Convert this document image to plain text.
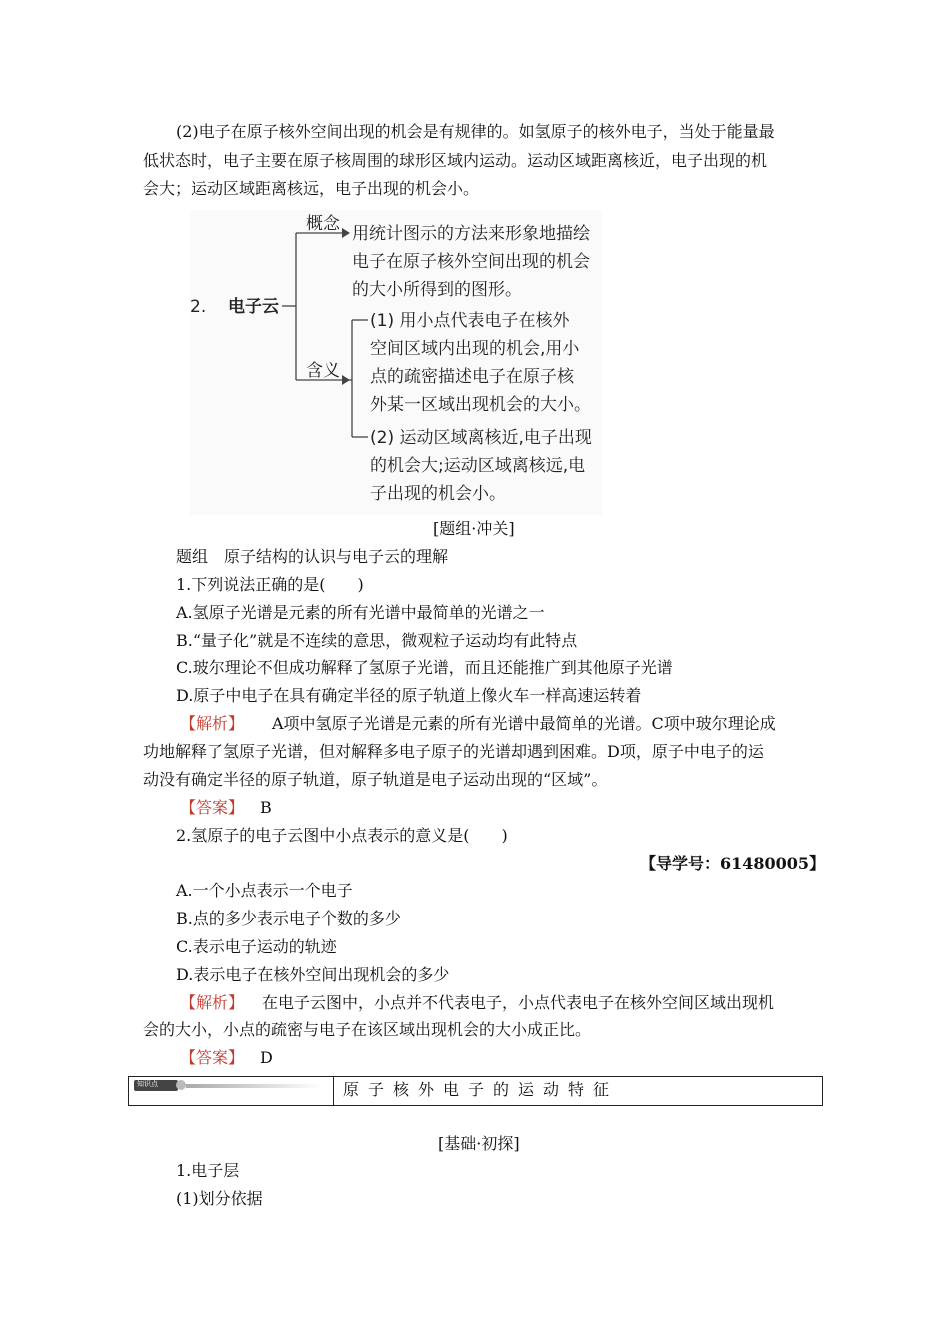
(2)电子在原子核外空间出现的机会是有规律的。如氢原子的核外电子，当处于能量最
低状态时，电子主要在原子核周围的球形区域内运动。运动区域距离核近，电子出现的机
会大；运动区域距离核远，电子出现的机会小。
2. 电子云
概念
含义
用统计图示的方法来形象地描绘
电子在原子核外空间出现的机会
的大小所得到的图形。
(1) 用小点代表电子在核外
空间区域内出现的机会,用小
点的疏密描述电子在原子核
外某一区域出现机会的大小。
(2) 运动区域离核近,电子出现
的机会大;运动区域离核远,电
子出现的机会小。
[题组·冲关]
题组　原子结构的认识与电子云的理解
1.下列说法正确的是(　　)
A.氢原子光谱是元素的所有光谱中最简单的光谱之一
B.“量子化”就是不连续的意思，微观粒子运动均有此特点
C.玻尔理论不但成功解释了氢原子光谱，而且还能推广到其他原子光谱
D.原子中电子在具有确定半径的原子轨道上像火车一样高速运转着
【解析】 A项中氢原子光谱是元素的所有光谱中最简单的光谱。C项中玻尔理论成
功地解释了氢原子光谱，但对解释多电子原子的光谱却遇到困难。D项，原子中电子的运
动没有确定半径的原子轨道，原子轨道是电子运动出现的“区域”。
【答案】 B
2.氢原子的电子云图中小点表示的意义是(　　)
【导学号：61480005】
A.一个小点表示一个电子
B.点的多少表示电子个数的多少
C.表示电子运动的轨迹
D.表示电子在核外空间出现机会的多少
【解析】 在电子云图中，小点并不代表电子，小点代表电子在核外空间区域出现机
会的大小，小点的疏密与电子在该区域出现机会的大小成正比。
【答案】 D
知识点	原子核外电子的运动特征
[基础·初探]
1.电子层
(1)划分依据
